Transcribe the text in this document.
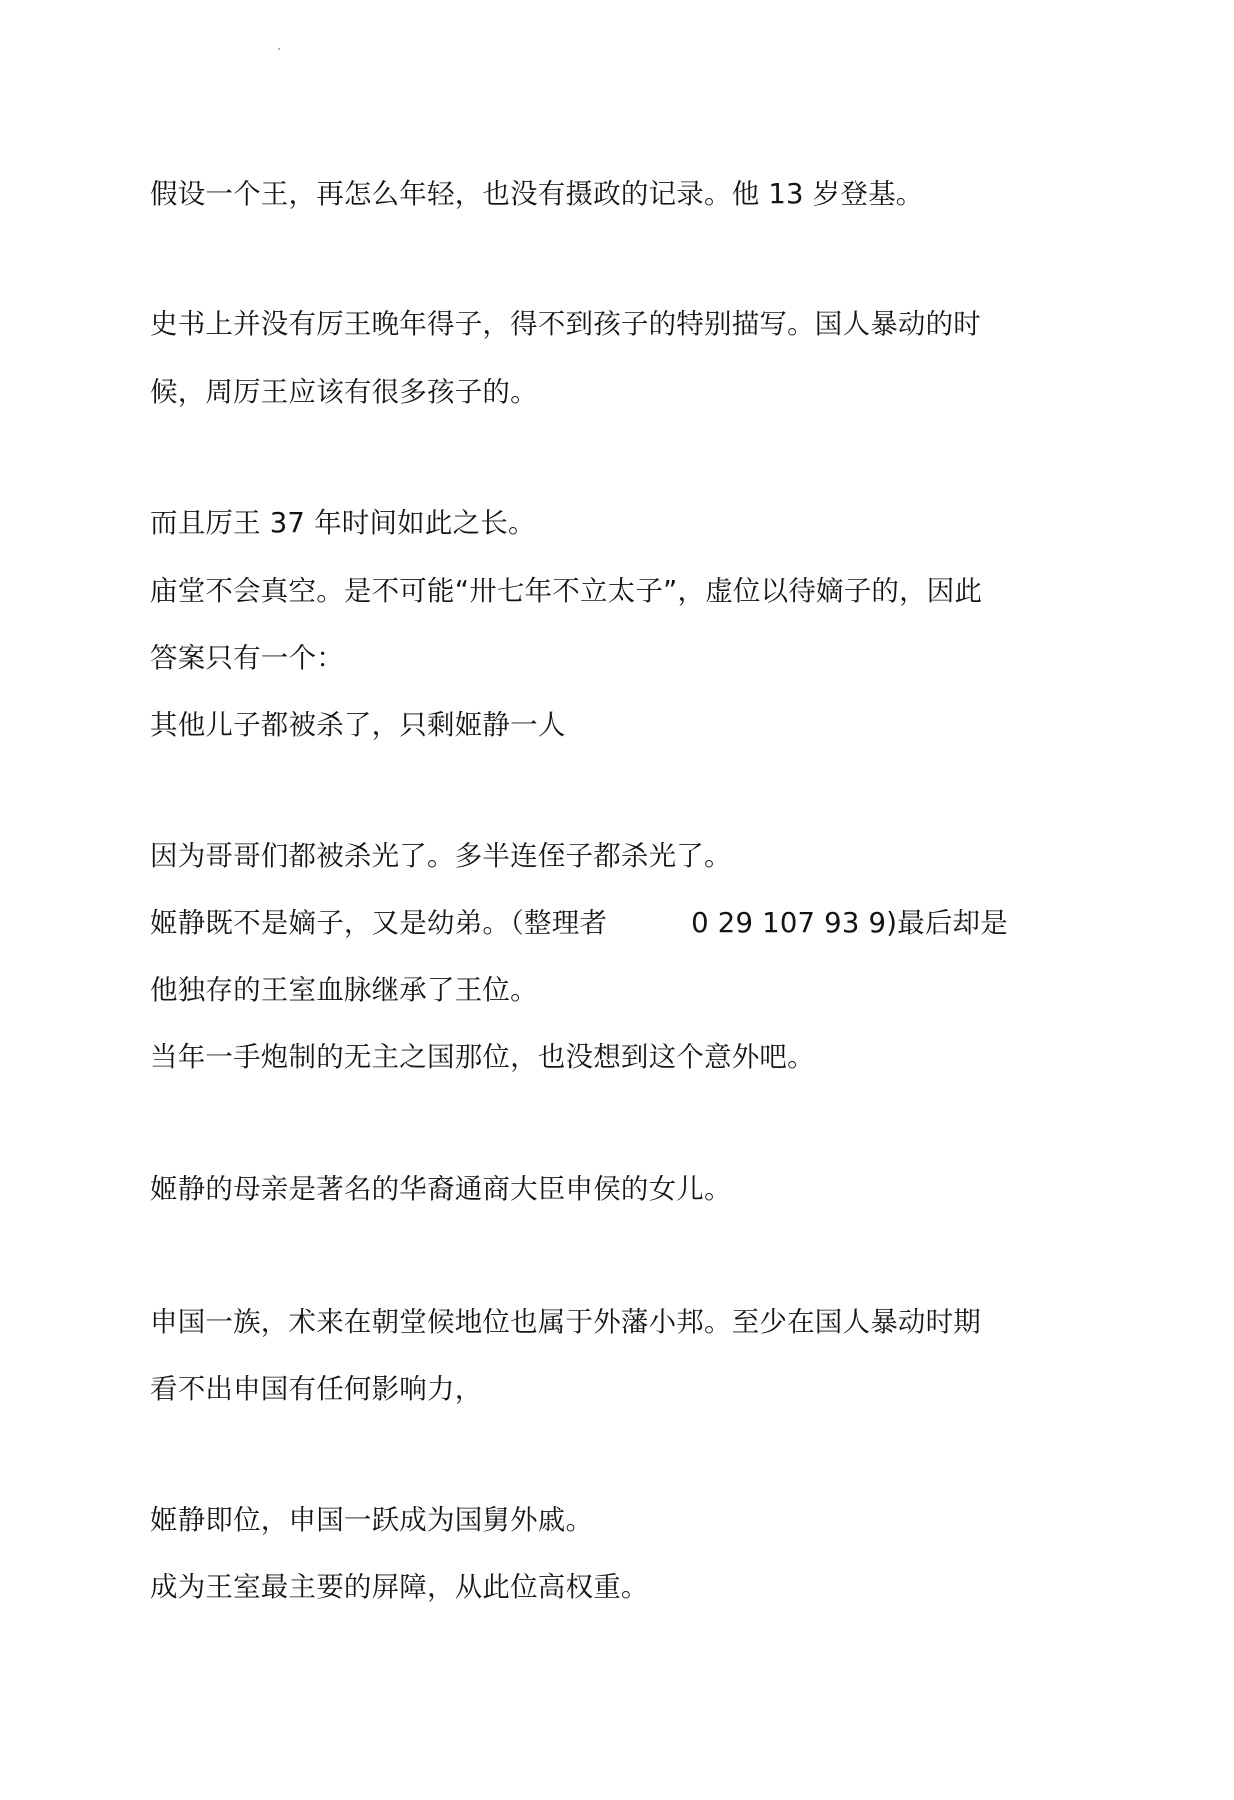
假设一个王，再怎么年轻，也没有摄政的记录。他 13 岁登基。

史书上并没有厉王晚年得子，得不到孩子的特别描写。国人暴动的时

候，周厉王应该有很多孩子的。

而且厉王 37 年时间如此之长。

庙堂不会真空。是不可能“卅七年不立太子”，虚位以待嫡子的，因此

答案只有一个：

其他儿子都被杀了，只剩姬静一人

因为哥哥们都被杀光了。多半连侄子都杀光了。

姬静既不是嫡子，又是幼弟。（整理者	0 29 107 93 9)最后却是

他独存的王室血脉继承了王位。

当年一手炮制的无主之国那位，也没想到这个意外吧。

姬静的母亲是著名的华裔通商大臣申侯的女儿。

申国一族，术来在朝堂候地位也属于外藩小邦。至少在国人暴动时期

看不出申国有任何影响力，

姬静即位，申国一跃成为国舅外戚。

成为王室最主要的屏障，从此位高权重。
